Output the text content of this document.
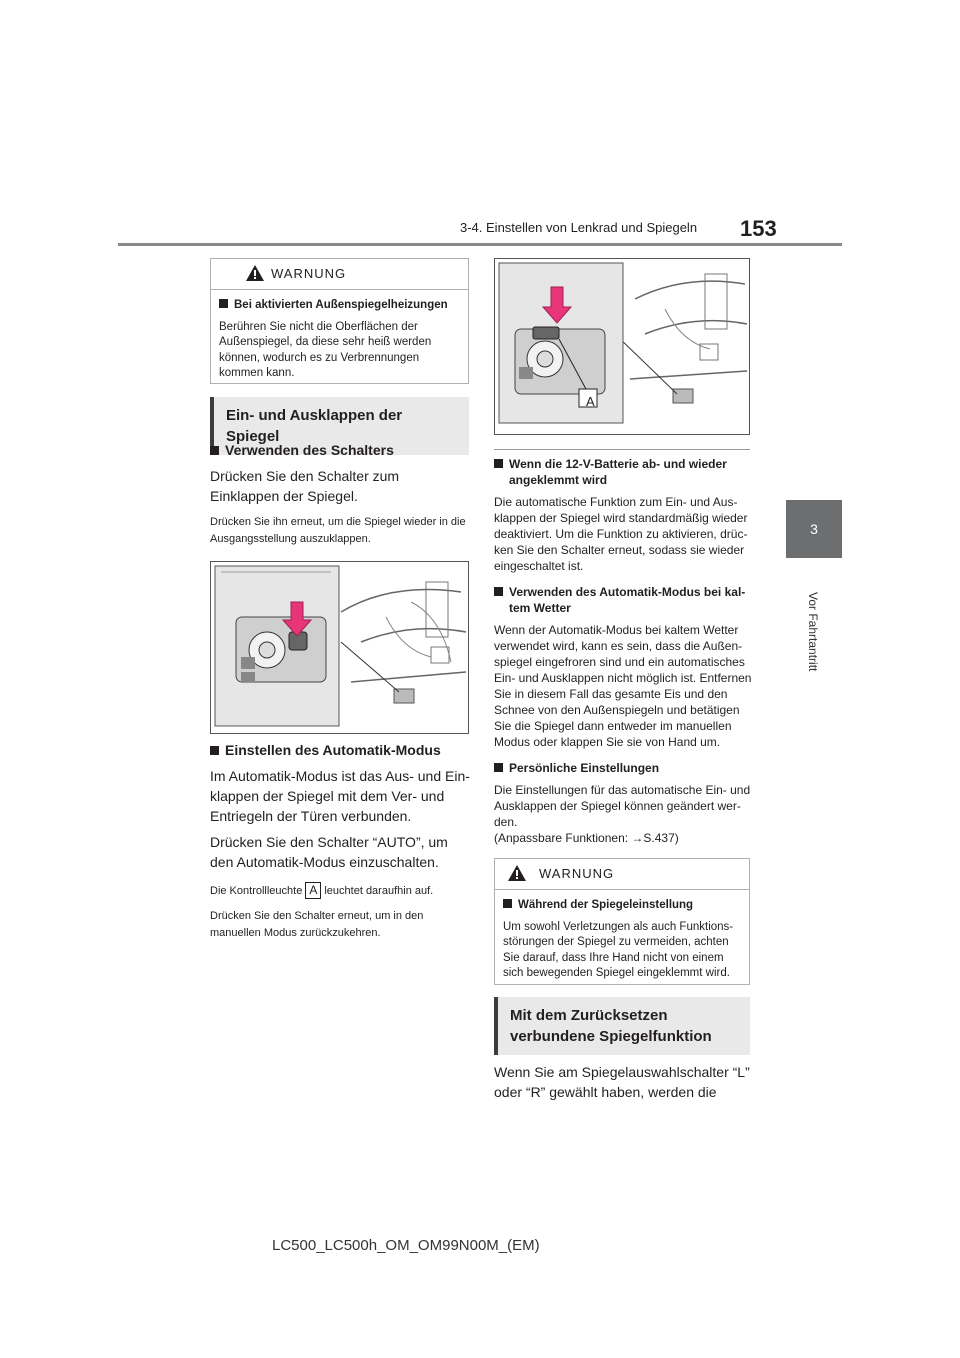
3-4. Einstellen von Lenkrad und Spiegeln 153
3
Vor Fahrtantritt
WARNUNG
Bei aktivierten Außenspiegelheizungen
Berühren Sie nicht die Oberflächen der Außenspiegel, da diese sehr heiß werden können, wodurch es zu Verbrennungen kommen kann.
Ein- und Ausklappen der Spiegel
Verwenden des Schalters
Drücken Sie den Schalter zum Einklappen der Spiegel.
Drücken Sie ihn erneut, um die Spiegel wieder in die Ausgangsstellung auszuklappen.
Einstellen des Automatik-Modus
Im Automatik-Modus ist das Aus- und Ein-klappen der Spiegel mit dem Ver- und Entriegeln der Türen verbunden.
Drücken Sie den Schalter “AUTO”, um den Automatik-Modus einzuschalten.
Die Kontrollleuchte A leuchtet daraufhin auf.
Drücken Sie den Schalter erneut, um in den manuellen Modus zurückzukehren.
A
Wenn die 12-V-Batterie ab- und wieder angeklemmt wird
Die automatische Funktion zum Ein- und Aus-klappen der Spiegel wird standardmäßig wieder deaktiviert. Um die Funktion zu aktivieren, drüc-ken Sie den Schalter erneut, sodass sie wieder eingeschaltet ist.
Verwenden des Automatik-Modus bei kal-tem Wetter
Wenn der Automatik-Modus bei kaltem Wetter verwendet wird, kann es sein, dass die Außen-spiegel eingefroren sind und ein automatisches Ein- und Ausklappen nicht möglich ist. Entfernen Sie in diesem Fall das gesamte Eis und den Schnee von den Außenspiegeln und betätigen Sie die Spiegel dann entweder im manuellen Modus oder klappen Sie sie von Hand um.
Persönliche Einstellungen
Die Einstellungen für das automatische Ein- und Ausklappen der Spiegel können geändert wer-den.
(Anpassbare Funktionen: →S.437)
WARNUNG
Während der Spiegeleinstellung
Um sowohl Verletzungen als auch Funktions-störungen der Spiegel zu vermeiden, achten Sie darauf, dass Ihre Hand nicht von einem sich bewegenden Spiegel eingeklemmt wird.
Mit dem Zurücksetzen verbundene Spiegelfunktion
Wenn Sie am Spiegelauswahlschalter “L” oder “R” gewählt haben, werden die
LC500_LC500h_OM_OM99N00M_(EM)
